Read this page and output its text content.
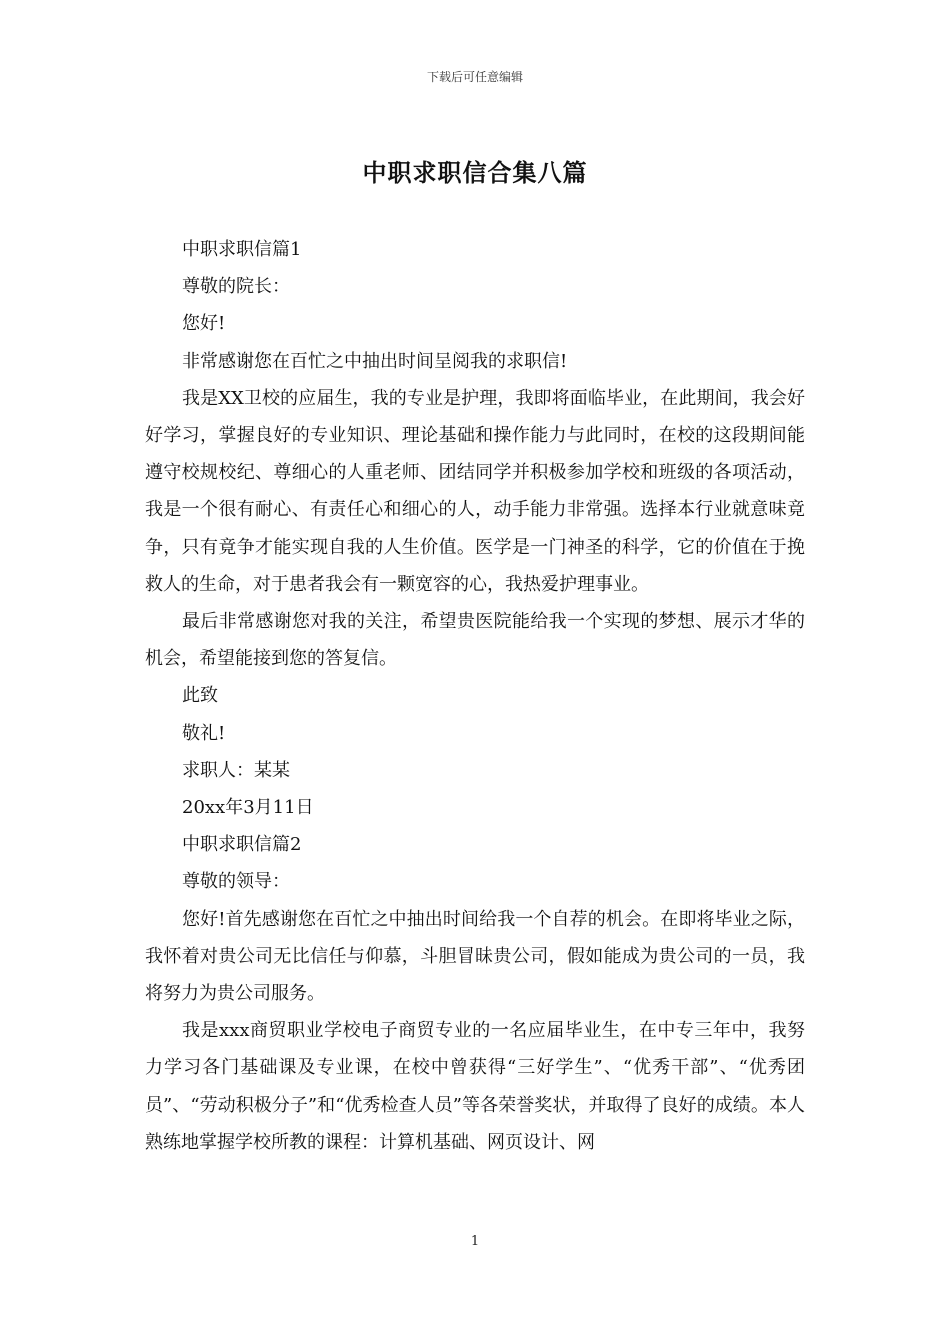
下载后可任意编辑
中职求职信合集八篇

中职求职信篇1

尊敬的院长：

您好!

非常感谢您在百忙之中抽出时间呈阅我的求职信!

我是XX卫校的应届生，我的专业是护理，我即将面临毕业，在此期间，我会好好学习，掌握良好的专业知识、理论基础和操作能力与此同时，在校的这段期间能遵守校规校纪、尊细心的人重老师、团结同学并积极参加学校和班级的各项活动，我是一个很有耐心、有责任心和细心的人，动手能力非常强。选择本行业就意味竟争，只有竟争才能实现自我的人生价值。医学是一门神圣的科学，它的价值在于挽救人的生命，对于患者我会有一颗宽容的心，我热爱护理事业。

最后非常感谢您对我的关注，希望贵医院能给我一个实现的梦想、展示才华的机会，希望能接到您的答复信。

此致

敬礼!

求职人：某某

20xx年3月11日

中职求职信篇2

尊敬的领导：

您好!首先感谢您在百忙之中抽出时间给我一个自荐的机会。在即将毕业之际，我怀着对贵公司无比信任与仰慕，斗胆冒昧贵公司，假如能成为贵公司的一员，我将努力为贵公司服务。

我是xxx商贸职业学校电子商贸专业的一名应届毕业生，在中专三年中，我努力学习各门基础课及专业课，在校中曾获得“三好学生”、“优秀干部”、“优秀团员”、“劳动积极分子”和“优秀检查人员”等各荣誉奖状，并取得了良好的成绩。本人熟练地掌握学校所教的课程：计算机基础、网页设计、网

1
